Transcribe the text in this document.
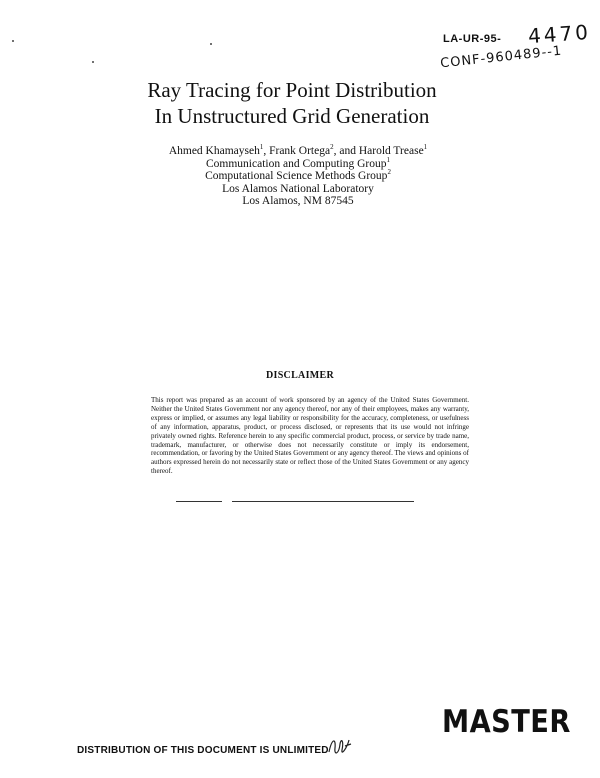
LA-UR-95- 4470
CONF-960489--1
Ray Tracing for Point Distribution
In Unstructured Grid Generation
Ahmed Khamayseh$^1$, Frank Ortega$^2$, and Harold Trease$^1$
Communication and Computing Group$^1$
Computational Science Methods Group$^2$
Los Alamos National Laboratory
Los Alamos, NM 87545
DISCLAIMER
This report was prepared as an account of work sponsored by an agency of the United States Government. Neither the United States Government nor any agency thereof, nor any of their employees, makes any warranty, express or implied, or assumes any legal liability or responsibility for the accuracy, completeness, or usefulness of any information, apparatus, product, or process disclosed, or represents that its use would not infringe privately owned rights. Reference herein to any specific commercial product, process, or service by trade name, trademark, manufacturer, or otherwise does not necessarily constitute or imply its endorsement, recommendation, or favoring by the United States Government or any agency thereof. The views and opinions of authors expressed herein do not necessarily state or reflect those of the United States Government or any agency thereof.
MASTER
DISTRIBUTION OF THIS DOCUMENT IS UNLIMITED
